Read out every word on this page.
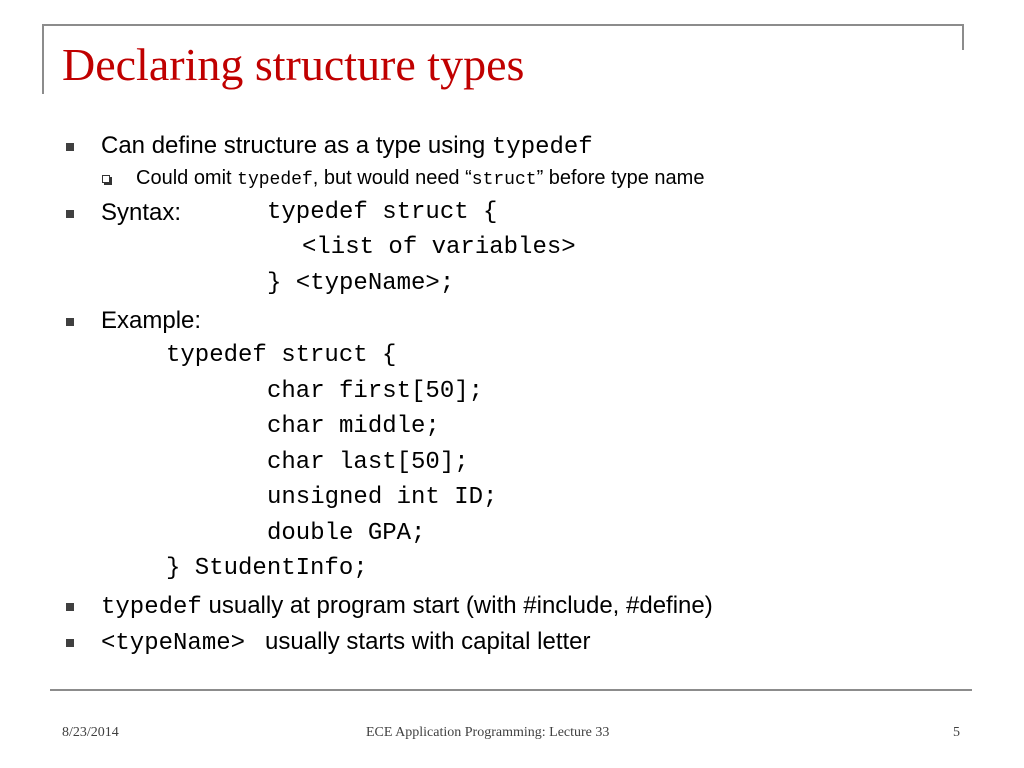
Declaring structure types
Can define structure as a type using typedef
Could omit typedef, but would need “struct” before type name
Syntax:	typedef struct {
<list of variables>
} <typeName>;
Example:
typedef struct {
char first[50];
char middle;
char last[50];
unsigned int ID;
double GPA;
} StudentInfo;
typedef usually at program start (with #include, #define)
<typeName> usually starts with capital letter
8/23/2014	ECE Application Programming: Lecture 33	5
